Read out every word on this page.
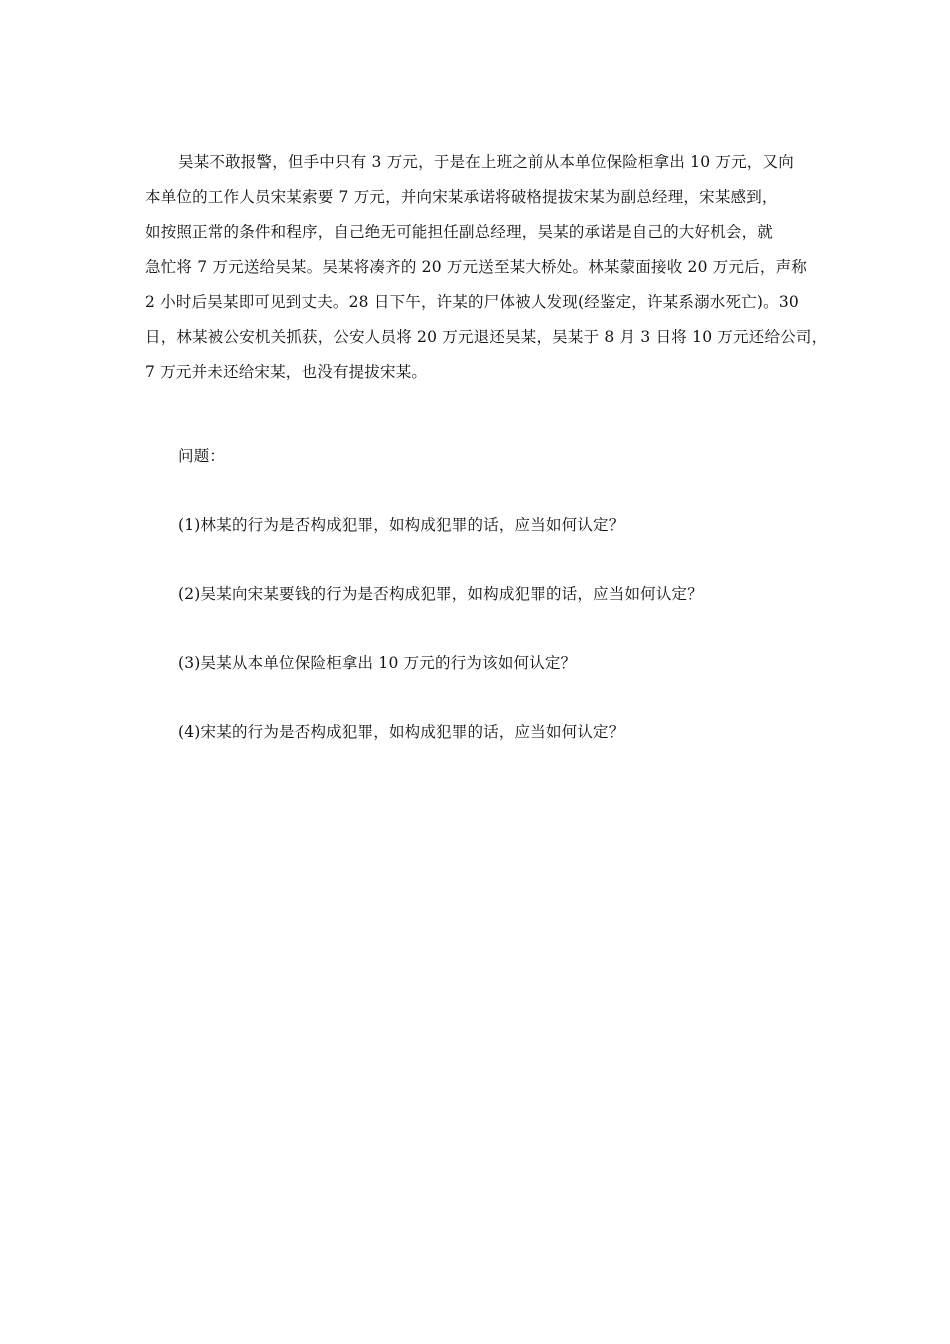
吴某不敢报警，但手中只有 3 万元，于是在上班之前从本单位保险柜拿出 10 万元，又向
本单位的工作人员宋某索要 7 万元，并向宋某承诺将破格提拔宋某为副总经理，宋某感到，
如按照正常的条件和程序，自己绝无可能担任副总经理，吴某的承诺是自己的大好机会，就
急忙将 7 万元送给吴某。吴某将凑齐的 20 万元送至某大桥处。林某蒙面接收 20 万元后，声称
2 小时后吴某即可见到丈夫。28 日下午，许某的尸体被人发现(经鉴定，许某系溺水死亡)。30
日，林某被公安机关抓获，公安人员将 20 万元退还吴某，吴某于 8 月 3 日将 10 万元还给公司，
7 万元并未还给宋某，也没有提拔宋某。
问题：
(1)林某的行为是否构成犯罪，如构成犯罪的话，应当如何认定？
(2)吴某向宋某要钱的行为是否构成犯罪，如构成犯罪的话，应当如何认定？
(3)吴某从本单位保险柜拿出 10 万元的行为该如何认定？
(4)宋某的行为是否构成犯罪，如构成犯罪的话，应当如何认定？
